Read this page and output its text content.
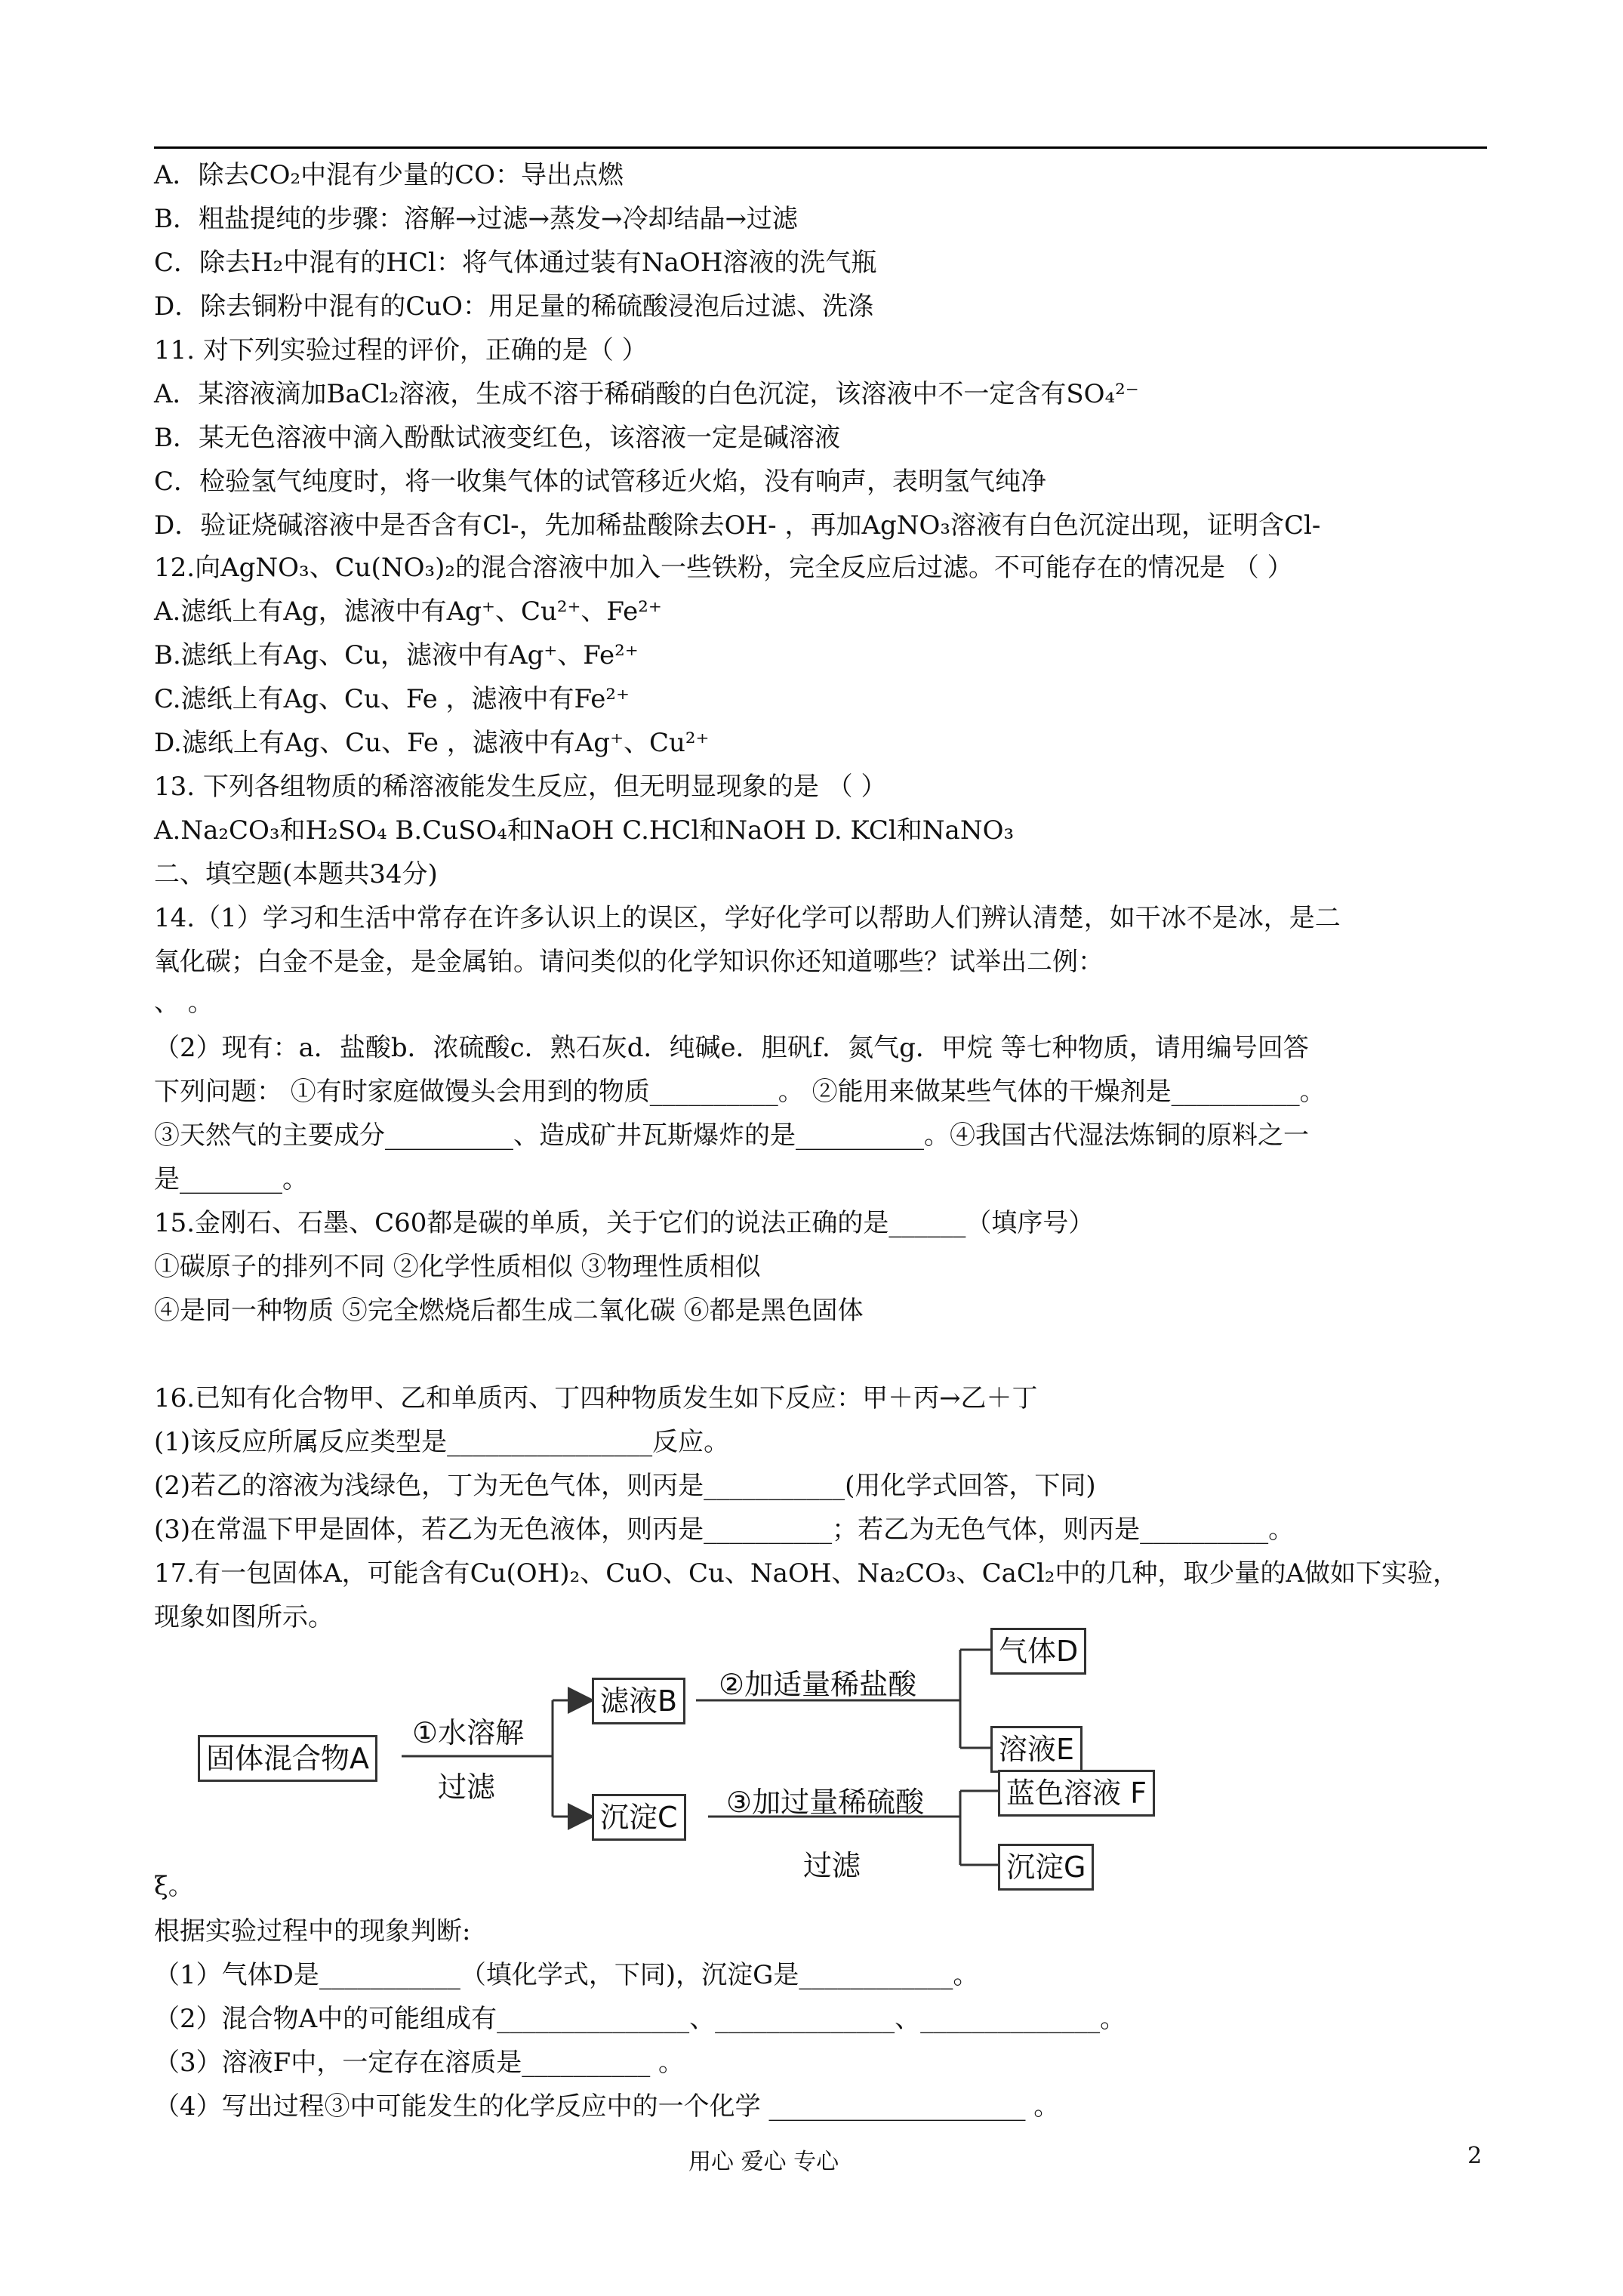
A．除去CO₂中混有少量的CO：导出点燃
B．粗盐提纯的步骤：溶解→过滤→蒸发→冷却结晶→过滤
C．除去H₂中混有的HCl：将气体通过装有NaOH溶液的洗气瓶
D．除去铜粉中混有的CuO：用足量的稀硫酸浸泡后过滤、洗涤
11. 对下列实验过程的评价，正确的是（ ）
A．某溶液滴加BaCl₂溶液，生成不溶于稀硝酸的白色沉淀，该溶液中不一定含有SO₄²⁻
B．某无色溶液中滴入酚酞试液变红色，该溶液一定是碱溶液
C．检验氢气纯度时，将一收集气体的试管移近火焰，没有响声，表明氢气纯净
D．验证烧碱溶液中是否含有Cl-，先加稀盐酸除去OH- ，再加AgNO₃溶液有白色沉淀出现，证明含Cl-
12.向AgNO₃、Cu(NO₃)₂的混合溶液中加入一些铁粉，完全反应后过滤。不可能存在的情况是 （ ）
A.滤纸上有Ag，滤液中有Ag⁺、Cu²⁺、Fe²⁺
B.滤纸上有Ag、Cu，滤液中有Ag⁺、Fe²⁺
C.滤纸上有Ag、Cu、Fe ，滤液中有Fe²⁺
D.滤纸上有Ag、Cu、Fe ，滤液中有Ag⁺、Cu²⁺
13. 下列各组物质的稀溶液能发生反应，但无明显现象的是 （ ）
A.Na₂CO₃和H₂SO₄ B.CuSO₄和NaOH C.HCl和NaOH D. KCl和NaNO₃
二、填空题(本题共34分)
14.（1）学习和生活中常存在许多认识上的误区，学好化学可以帮助人们辨认清楚，如干冰不是冰，是二
氧化碳；白金不是金，是金属铂。请问类似的化学知识你还知道哪些？试举出二例：
、 。
（2）现有：a．盐酸b．浓硫酸c．熟石灰d．纯碱e．胆矾f．氮气g．甲烷 等七种物质，请用编号回答
下列问题： ①有时家庭做馒头会用到的物质__________。 ②能用来做某些气体的干燥剂是__________。
③天然气的主要成分__________、造成矿井瓦斯爆炸的是__________。④我国古代湿法炼铜的原料之一
是________。
15.金刚石、石墨、C60都是碳的单质，关于它们的说法正确的是______（填序号）
①碳原子的排列不同 ②化学性质相似 ③物理性质相似
④是同一种物质 ⑤完全燃烧后都生成二氧化碳 ⑥都是黑色固体
16.已知有化合物甲、乙和单质丙、丁四种物质发生如下反应：甲＋丙→乙＋丁
(1)该反应所属反应类型是________________反应。
(2)若乙的溶液为浅绿色，丁为无色气体，则丙是___________(用化学式回答，下同)
(3)在常温下甲是固体，若乙为无色液体，则丙是__________；若乙为无色气体，则丙是__________。
17.有一包固体A，可能含有Cu(OH)₂、CuO、Cu、NaOH、Na₂CO₃、CaCl₂中的几种，取少量的A做如下实验，
现象如图所示。
ξ。
根据实验过程中的现象判断:
（1）气体D是___________（填化学式，下同)，沉淀G是____________。
（2）混合物A中的可能组成有_______________、______________、______________。
（3）溶液F中，一定存在溶质是__________ 。
（4）写出过程③中可能发生的化学反应中的一个化学 ____________________ 。
固体混合物A
①水溶解
过滤
滤液B
沉淀C
②加适量稀盐酸
③加过量稀硫酸
过滤
气体D
溶液E
蓝色溶液 F
沉淀G
用心 爱心 专心	2
